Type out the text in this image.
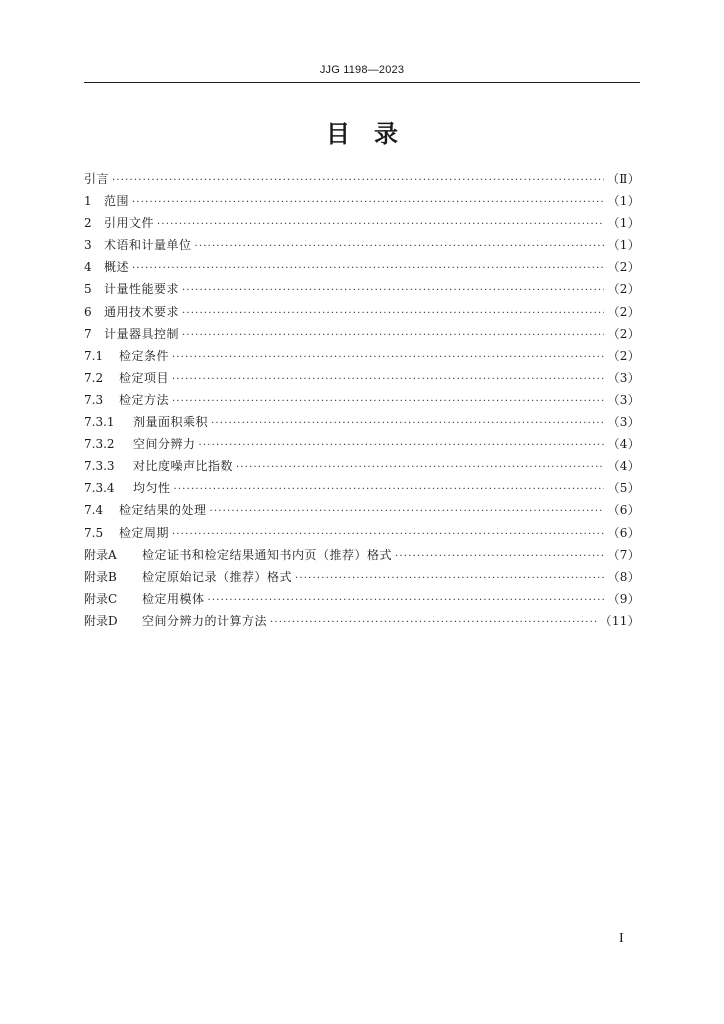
JJG 1198—2023
目　录
引言 ·····	（Ⅱ）
1	范围 ·····	（1）
2	引用文件 ·····	（1）
3	术语和计量单位 ·····	（1）
4	概述 ·····	（2）
5	计量性能要求 ·····	（2）
6	通用技术要求 ·····	（2）
7	计量器具控制 ·····	（2）
7.1	检定条件 ·····	（2）
7.2	检定项目 ·····	（3）
7.3	检定方法 ·····	（3）
7.3.1	剂量面积乘积 ·····	（3）
7.3.2	空间分辨力 ·····	（4）
7.3.3	对比度噪声比指数 ·····	（4）
7.3.4	均匀性 ·····	（5）
7.4	检定结果的处理 ·····	（6）
7.5	检定周期 ·····	（6）
附录A	检定证书和检定结果通知书内页（推荐）格式 ·····	（7）
附录B	检定原始记录（推荐）格式 ·····	（8）
附录C	检定用模体 ·····	（9）
附录D	空间分辨力的计算方法 ·····	（11）
I
